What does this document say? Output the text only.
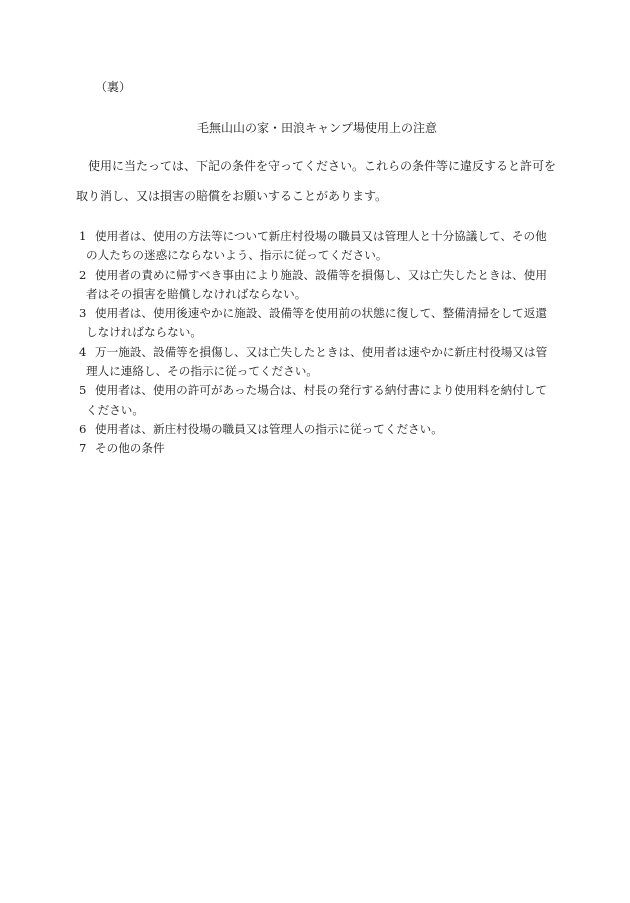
（裏）
毛無山山の家・田浪キャンプ場使用上の注意
使用に当たっては、下記の条件を守ってください。これらの条件等に違反すると許可を
取り消し、又は損害の賠償をお願いすることがあります。
1 使用者は、使用の方法等について新庄村役場の職員又は管理人と十分協議して、その他
の人たちの迷惑にならないよう、指示に従ってください。
2 使用者の責めに帰すべき事由により施設、設備等を損傷し、又は亡失したときは、使用
者はその損害を賠償しなければならない。
3 使用者は、使用後速やかに施設、設備等を使用前の状態に復して、整備清掃をして返還
しなければならない。
4 万一施設、設備等を損傷し、又は亡失したときは、使用者は速やかに新庄村役場又は管
理人に連絡し、その指示に従ってください。
5 使用者は、使用の許可があった場合は、村長の発行する納付書により使用料を納付して
ください。
6 使用者は、新庄村役場の職員又は管理人の指示に従ってください。
7 その他の条件
